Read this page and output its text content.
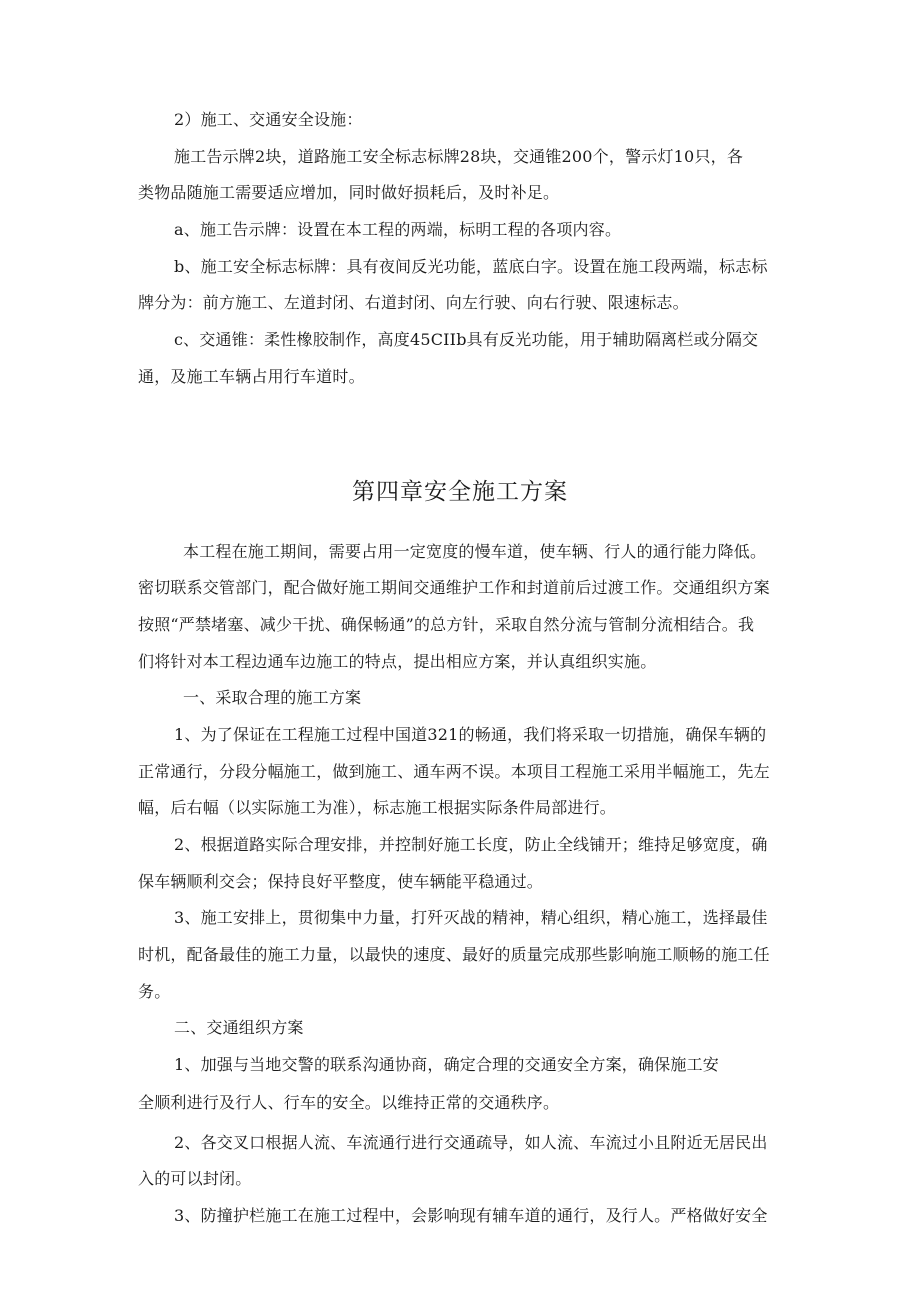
2）施工、交通安全设施：
施工告示牌2块，道路施工安全标志标牌28块，交通锥200个，警示灯10只，各
类物品随施工需要适应增加，同时做好损耗后，及时补足。
a、施工告示牌：设置在本工程的两端，标明工程的各项内容。
b、施工安全标志标牌：具有夜间反光功能，蓝底白字。设置在施工段两端，标志标
牌分为：前方施工、左道封闭、右道封闭、向左行驶、向右行驶、限速标志。
c、交通锥：柔性橡胶制作，高度45CIIb具有反光功能，用于辅助隔离栏或分隔交
通，及施工车辆占用行车道时。
第四章安全施工方案
本工程在施工期间，需要占用一定宽度的慢车道，使车辆、行人的通行能力降低。
密切联系交管部门，配合做好施工期间交通维护工作和封道前后过渡工作。交通组织方案
按照“严禁堵塞、减少干扰、确保畅通”的总方针，采取自然分流与管制分流相结合。我
们将针对本工程边通车边施工的特点，提出相应方案，并认真组织实施。
一、采取合理的施工方案
1、为了保证在工程施工过程中国道321的畅通，我们将采取一切措施，确保车辆的
正常通行，分段分幅施工，做到施工、通车两不误。本项目工程施工采用半幅施工，先左
幅，后右幅（以实际施工为准），标志施工根据实际条件局部进行。
2、根据道路实际合理安排，并控制好施工长度，防止全线铺开；维持足够宽度，确
保车辆顺利交会；保持良好平整度，使车辆能平稳通过。
3、施工安排上，贯彻集中力量，打歼灭战的精神，精心组织，精心施工，选择最佳
时机，配备最佳的施工力量，以最快的速度、最好的质量完成那些影响施工顺畅的施工任
务。
二、交通组织方案
1、加强与当地交警的联系沟通协商，确定合理的交通安全方案，确保施工安
全顺利进行及行人、行车的安全。以维持正常的交通秩序。
2、各交叉口根据人流、车流通行进行交通疏导，如人流、车流过小且附近无居民出
入的可以封闭。
3、防撞护栏施工在施工过程中，会影响现有辅车道的通行，及行人。严格做好安全
